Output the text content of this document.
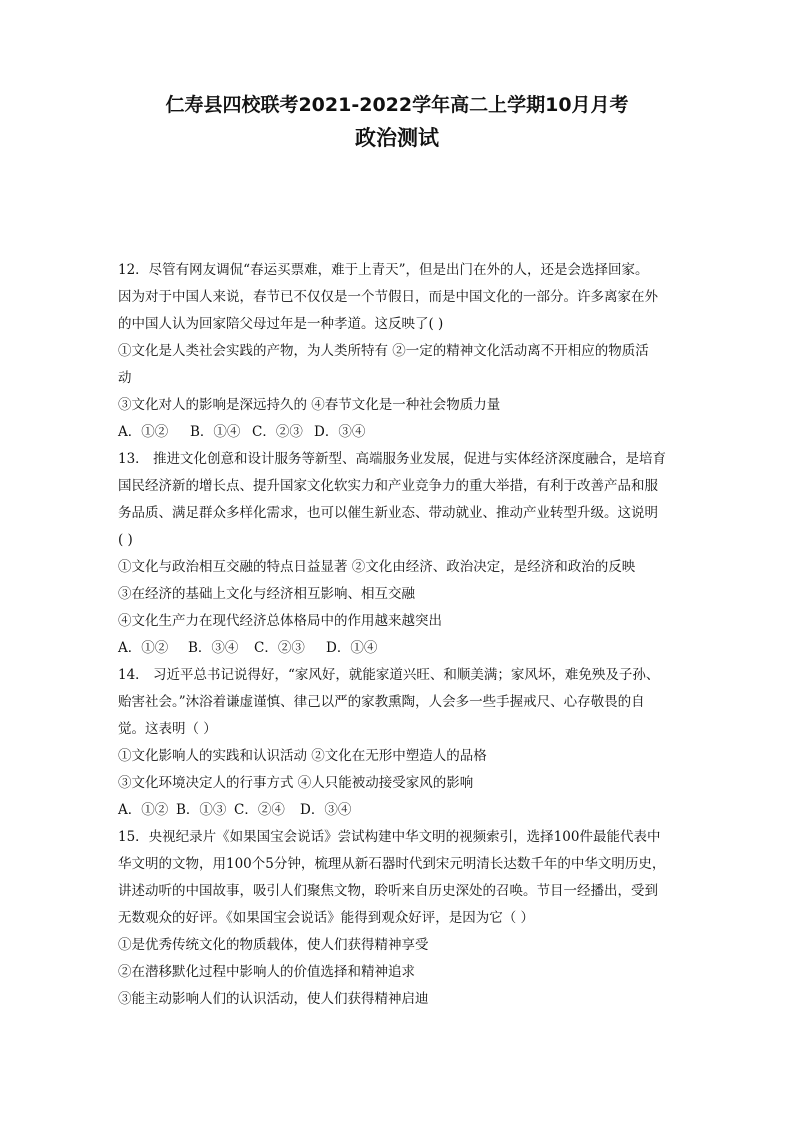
仁寿县四校联考2021-2022学年高二上学期10月月考
政治测试

12．尽管有网友调侃“春运买票难，难于上青天”，但是出门在外的人，还是会选择回家。

因为对于中国人来说，春节已不仅仅是一个节假日，而是中国文化的一部分。许多离家在外

的中国人认为回家陪父母过年是一种孝道。这反映了( )

①文化是人类社会实践的产物，为人类所特有 ②一定的精神文化活动离不开相应的物质活

动

③文化对人的影响是深远持久的 ④春节文化是一种社会物质力量

A．①② B．①④ C．②③ D．③④

13． 推进文化创意和设计服务等新型、高端服务业发展，促进与实体经济深度融合，是培育

国民经济新的增长点、提升国家文化软实力和产业竞争力的重大举措，有利于改善产品和服

务品质、满足群众多样化需求，也可以催生新业态、带动就业、推动产业转型升级。这说明

( )

①文化与政治相互交融的特点日益显著 ②文化由经济、政治决定，是经济和政治的反映

③在经济的基础上文化与经济相互影响、相互交融

④文化生产力在现代经济总体格局中的作用越来越突出

A．①② B．③④ C．②③ D．①④

14． 习近平总书记说得好，“家风好，就能家道兴旺、和顺美满；家风坏，难免殃及子孙、

贻害社会。”沐浴着谦虚谨慎、律己以严的家教熏陶，人会多一些手握戒尺、心存敬畏的自

觉。这表明（ ）

①文化影响人的实践和认识活动 ②文化在无形中塑造人的品格

③文化环境决定人的行事方式 ④人只能被动接受家风的影响

A．①② B．①③ C．②④ D．③④

15．央视纪录片《如果国宝会说话》尝试构建中华文明的视频索引，选择100件最能代表中

华文明的文物，用100个5分钟，梳理从新石器时代到宋元明清长达数千年的中华文明历史，

讲述动听的中国故事，吸引人们聚焦文物，聆听来自历史深处的召唤。节目一经播出，受到

无数观众的好评。《如果国宝会说话》能得到观众好评，是因为它（ ）

①是优秀传统文化的物质载体，使人们获得精神享受

②在潜移默化过程中影响人的价值选择和精神追求

③能主动影响人们的认识活动，使人们获得精神启迪
